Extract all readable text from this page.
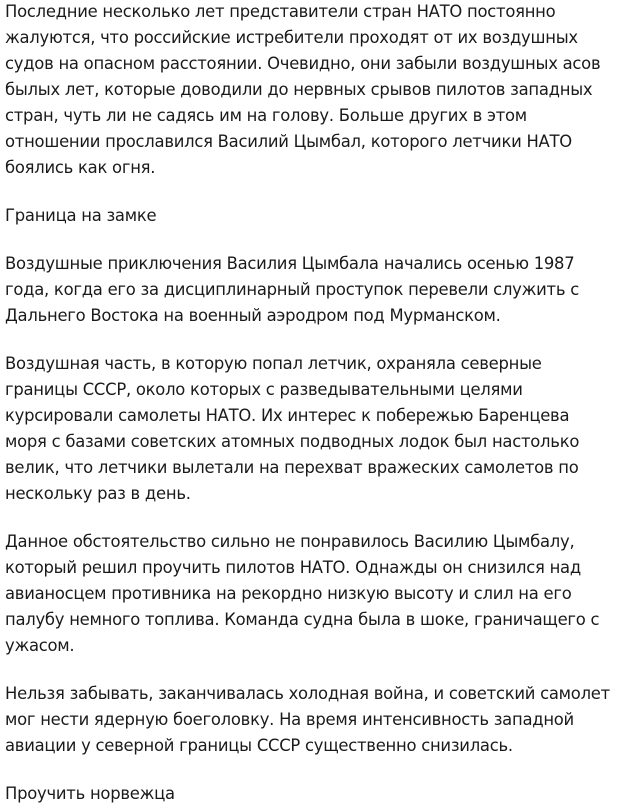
Последние несколько лет представители стран НАТО постоянно жалуются, что российские истребители проходят от их воздушных судов на опасном расстоянии. Очевидно, они забыли воздушных асов былых лет, которые доводили до нервных срывов пилотов западных стран, чуть ли не садясь им на голову. Больше других в этом отношении прославился Василий Цымбал, которого летчики НАТО боялись как огня.

Граница на замке

Воздушные приключения Василия Цымбала начались осенью 1987 года, когда его за дисциплинарный проступок перевели служить с Дальнего Востока на военный аэродром под Мурманском.

Воздушная часть, в которую попал летчик, охраняла северные границы СССР, около которых с разведывательными целями курсировали самолеты НАТО. Их интерес к побережью Баренцева моря с базами советских атомных подводных лодок был настолько велик, что летчики вылетали на перехват вражеских самолетов по нескольку раз в день.

Данное обстоятельство сильно не понравилось Василию Цымбалу, который решил проучить пилотов НАТО. Однажды он снизился над авианосцем противника на рекордно низкую высоту и слил на его палубу немного топлива. Команда судна была в шоке, граничащего с ужасом.

Нельзя забывать, заканчивалась холодная война, и советский самолет мог нести ядерную боеголовку. На время интенсивность западной авиации у северной границы СССР существенно снизилась.

Проучить норвежца
